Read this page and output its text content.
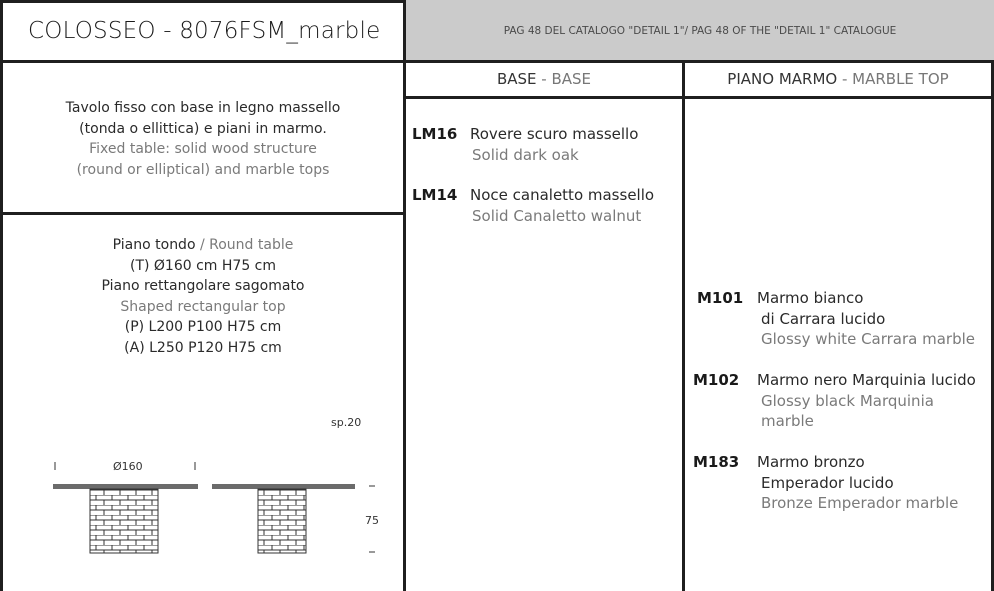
COLOSSEO - 8076FSM_marble	PAG 48 DEL CATALOGO "DETAIL 1"/ PAG 48 OF THE "DETAIL 1" CATALOGUE
BASE - BASE	PIANO MARMO - MARBLE TOP
Tavolo fisso con base in legno massello
(tonda o ellittica) e piani in marmo.
Fixed table: solid wood structure
(round or elliptical) and marble tops
Piano tondo / Round table
(T) Ø160 cm H75 cm
Piano rettangolare sagomato
Shaped rectangular top
(P) L200 P100 H75 cm
(A) L250 P120 H75 cm
sp.20
Ø160
75
LM16 Rovere scuro massello
Solid dark oak
LM14 Noce canaletto massello
Solid Canaletto walnut
M101 Marmo bianco
di Carrara lucido
Glossy white Carrara marble
M102 Marmo nero Marquinia lucido
Glossy black Marquinia
marble
M183 Marmo bronzo
Emperador lucido
Bronze Emperador marble
